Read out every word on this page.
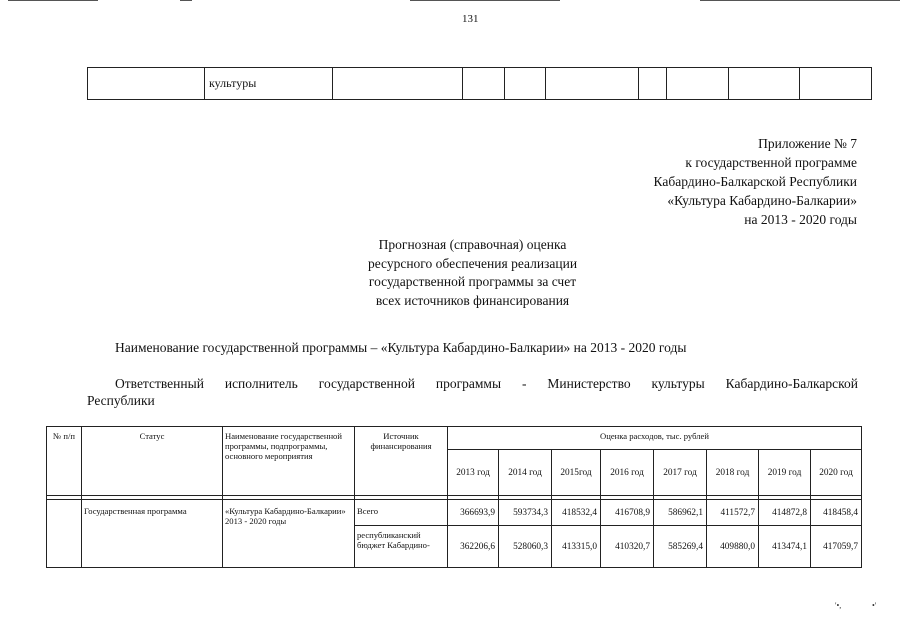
131
	культуры								
Приложение № 7
к государственной программе
Кабардино-Балкарской Республики
«Культура Кабардино-Балкарии»
на 2013 - 2020 годы
Прогнозная (справочная) оценка
ресурсного обеспечения реализации
государственной программы за счет
всех источников финансирования
Наименование государственной программы – «Культура Кабардино-Балкарии» на 2013 - 2020 годы
Ответственный исполнитель государственной программы - Министерство культуры Кабардино-Балкарской
Республики
№ п/п	Статус	Наименование государственной программы, подпрограммы, основного мероприятия	Источник финансирования	Оценка расходов, тыс. рублей							
				2013 год	2014 год	2015год	2016 год	2017 год	2018 год	2019 год	2020 год

	Государственная программа	«Культура Кабардино-Балкарии» 2013 - 2020 годы	Всего	366693,9	593734,3	418532,4	416708,9	586962,1	411572,7	414872,8	418458,4
			республиканский бюджет Кабардино-	362206,6	528060,3	413315,0	410320,7	585269,4	409880,0	413474,1	417059,7
'•,	•'
